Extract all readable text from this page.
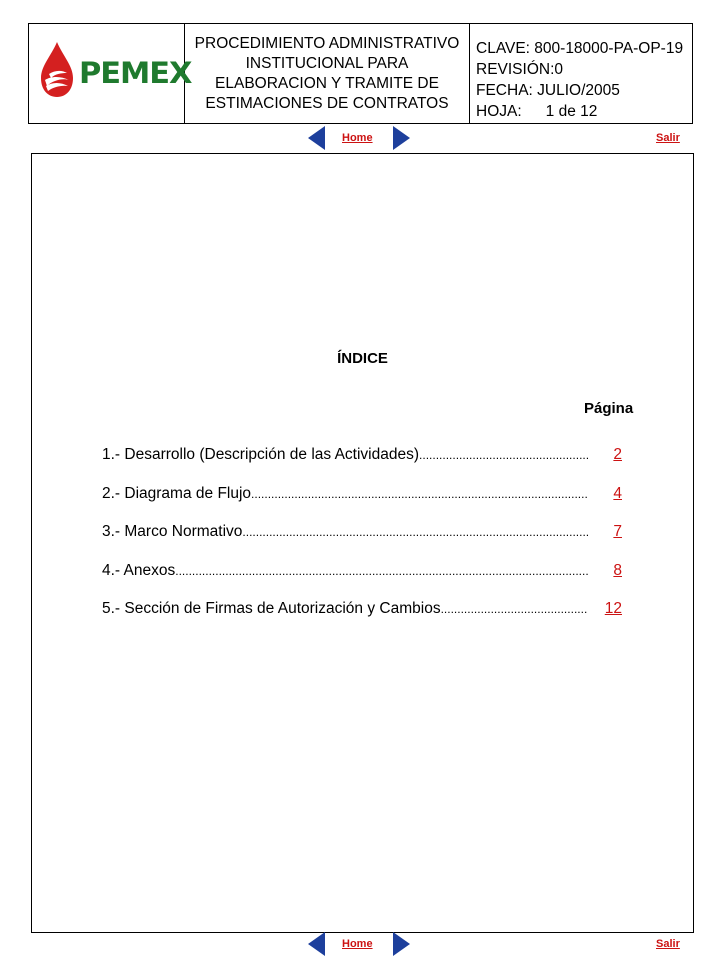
PEMEX
PROCEDIMIENTO ADMINISTRATIVO
INSTITUCIONAL PARA
ELABORACION Y TRAMITE DE
ESTIMACIONES DE CONTRATOS
CLAVE: 800-18000-PA-OP-19
REVISIÓN:0
FECHA: JULIO/2005
HOJA: 1 de 12
Home	Salir
ÍNDICE
Página
1.- Desarrollo (Descripción de las Actividades) .....	2
2.- Diagrama de Flujo .....	4
3.- Marco Normativo .....	7
4.- Anexos .....	8
5.- Sección de Firmas de Autorización y Cambios .....	12
Home	Salir
